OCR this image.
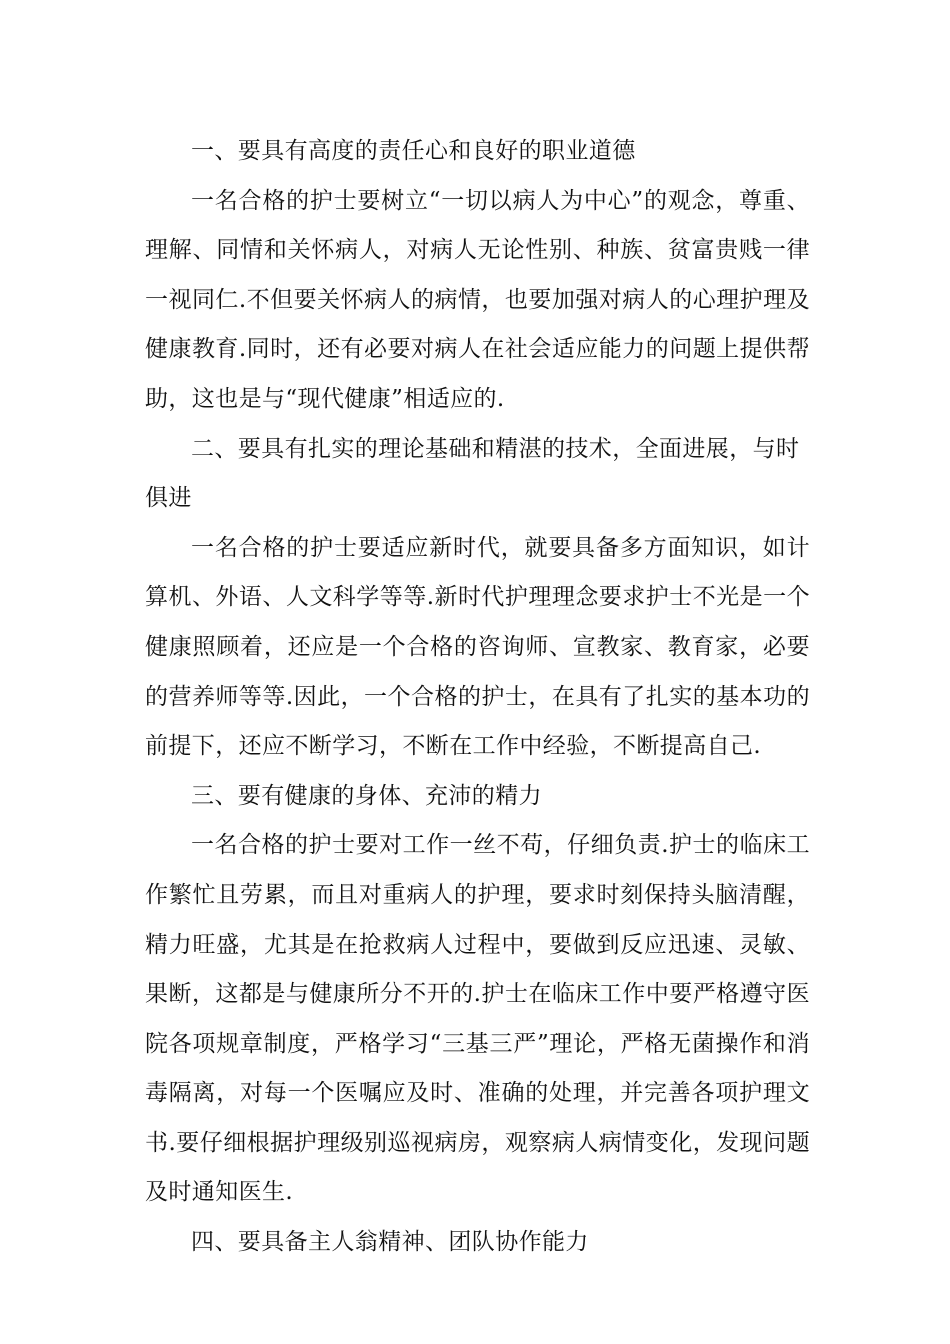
一、要具有高度的责任心和良好的职业道德

一名合格的护士要树立“一切以病人为中心”的观念，尊重、理解、同情和关怀病人，对病人无论性别、种族、贫富贵贱一律一视同仁.不但要关怀病人的病情，也要加强对病人的心理护理及健康教育.同时，还有必要对病人在社会适应能力的问题上提供帮助，这也是与“现代健康”相适应的.

二、要具有扎实的理论基础和精湛的技术，全面进展，与时俱进

一名合格的护士要适应新时代，就要具备多方面知识，如计算机、外语、人文科学等等.新时代护理理念要求护士不光是一个健康照顾着，还应是一个合格的咨询师、宣教家、教育家，必要的营养师等等.因此，一个合格的护士，在具有了扎实的基本功的前提下，还应不断学习，不断在工作中经验，不断提高自己.

三、要有健康的身体、充沛的精力

一名合格的护士要对工作一丝不苟，仔细负责.护士的临床工作繁忙且劳累，而且对重病人的护理，要求时刻保持头脑清醒，精力旺盛，尤其是在抢救病人过程中，要做到反应迅速、灵敏、果断，这都是与健康所分不开的.护士在临床工作中要严格遵守医院各项规章制度，严格学习“三基三严”理论，严格无菌操作和消毒隔离，对每一个医嘱应及时、准确的处理，并完善各项护理文书.要仔细根据护理级别巡视病房，观察病人病情变化，发现问题及时通知医生.

四、要具备主人翁精神、团队协作能力
